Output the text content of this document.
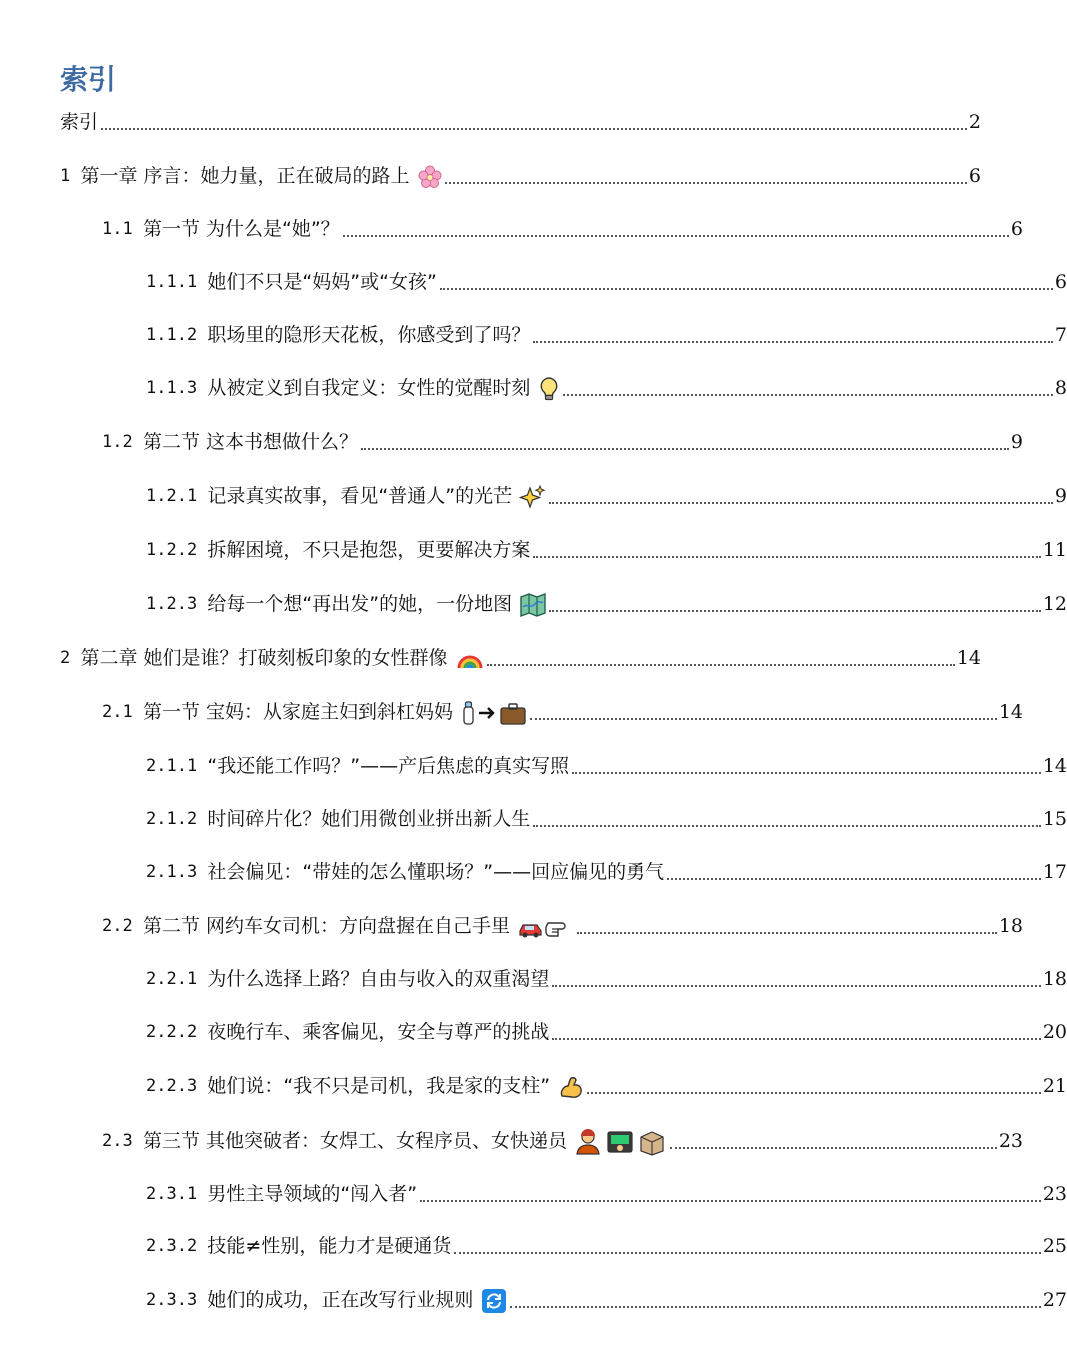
索引
索引	2
1 第一章 序言：她力量，正在破局的路上	6
1.1 第一节 为什么是“她”？	6
1.1.1 她们不只是“妈妈”或“女孩”	6
1.1.2 职场里的隐形天花板，你感受到了吗？	7
1.1.3 从被定义到自我定义：女性的觉醒时刻	8
1.2 第二节 这本书想做什么？	9
1.2.1 记录真实故事，看见“普通人”的光芒	9
1.2.2 拆解困境，不只是抱怨，更要解决方案	11
1.2.3 给每一个想“再出发”的她，一份地图	12
2 第二章 她们是谁？打破刻板印象的女性群像	14
2.1 第一节 宝妈：从家庭主妇到斜杠妈妈	14
2.1.1 “我还能工作吗？”——产后焦虑的真实写照	14
2.1.2 时间碎片化？她们用微创业拼出新人生	15
2.1.3 社会偏见：“带娃的怎么懂职场？”——回应偏见的勇气	17
2.2 第二节 网约车女司机：方向盘握在自己手里	18
2.2.1 为什么选择上路？自由与收入的双重渴望	18
2.2.2 夜晚行车、乘客偏见，安全与尊严的挑战	20
2.2.3 她们说：“我不只是司机，我是家的支柱”	21
2.3 第三节 其他突破者：女焊工、女程序员、女快递员	23
2.3.1 男性主导领域的“闯入者”	23
2.3.2 技能≠性别，能力才是硬通货	25
2.3.3 她们的成功，正在改写行业规则	27
